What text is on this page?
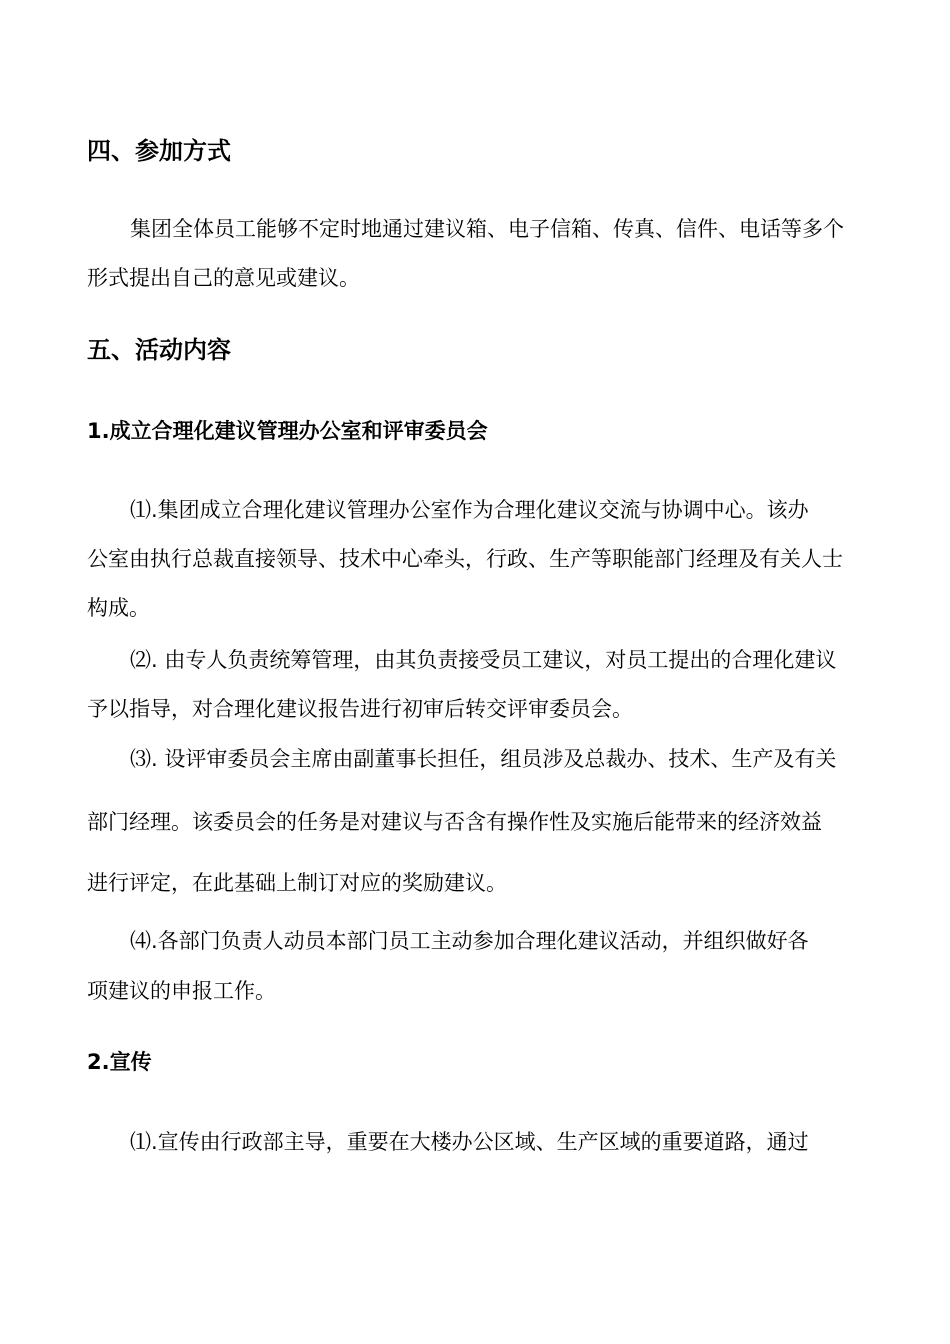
四、参加方式
集团全体员工能够不定时地通过建议箱、电子信箱、传真、信件、电话等多个
形式提出自己的意见或建议。
五、活动内容
1.成立合理化建议管理办公室和评审委员会
⑴.集团成立合理化建议管理办公室作为合理化建议交流与协调中心。该办
公室由执行总裁直接领导、技术中心牵头，行政、生产等职能部门经理及有关人士
构成。
⑵. 由专人负责统筹管理，由其负责接受员工建议，对员工提出的合理化建议
予以指导，对合理化建议报告进行初审后转交评审委员会。
⑶. 设评审委员会主席由副董事长担任，组员涉及总裁办、技术、生产及有关
部门经理。该委员会的任务是对建议与否含有操作性及实施后能带来的经济效益
进行评定，在此基础上制订对应的奖励建议。
⑷.各部门负责人动员本部门员工主动参加合理化建议活动，并组织做好各
项建议的申报工作。
2.宣传
⑴.宣传由行政部主导，重要在大楼办公区域、生产区域的重要道路，通过
